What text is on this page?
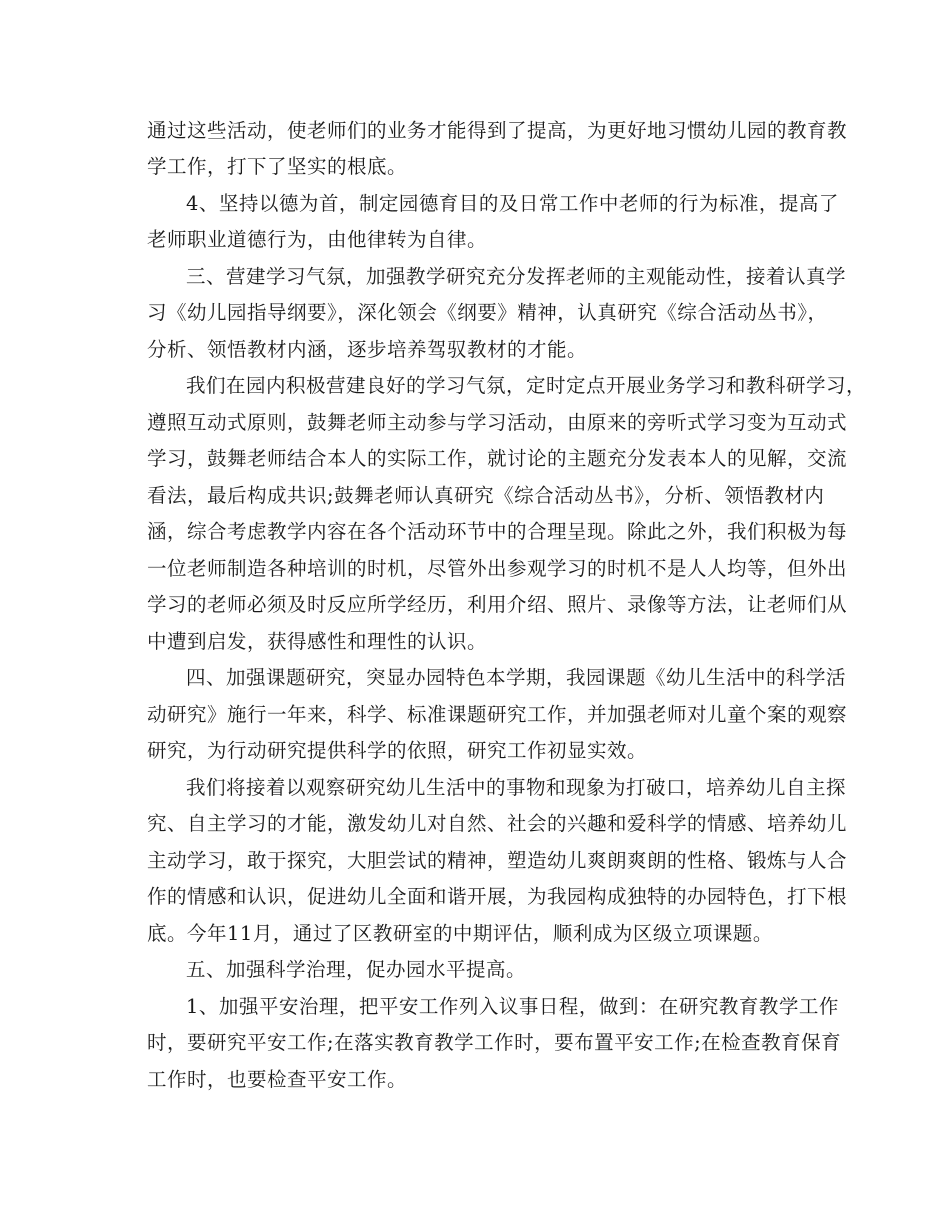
通过这些活动，使老师们的业务才能得到了提高，为更好地习惯幼儿园的教育教
学工作，打下了坚实的根底。
4、坚持以德为首，制定园德育目的及日常工作中老师的行为标准，提高了
老师职业道德行为，由他律转为自律。
三、营建学习气氛，加强教学研究充分发挥老师的主观能动性，接着认真学
习《幼儿园指导纲要》，深化领会《纲要》精神，认真研究《综合活动丛书》，
分析、领悟教材内涵，逐步培养驾驭教材的才能。
我们在园内积极营建良好的学习气氛，定时定点开展业务学习和教科研学习，
遵照互动式原则，鼓舞老师主动参与学习活动，由原来的旁听式学习变为互动式
学习，鼓舞老师结合本人的实际工作，就讨论的主题充分发表本人的见解，交流
看法，最后构成共识;鼓舞老师认真研究《综合活动丛书》，分析、领悟教材内
涵，综合考虑教学内容在各个活动环节中的合理呈现。除此之外，我们积极为每
一位老师制造各种培训的时机，尽管外出参观学习的时机不是人人均等，但外出
学习的老师必须及时反应所学经历，利用介绍、照片、录像等方法，让老师们从
中遭到启发，获得感性和理性的认识。
四、加强课题研究，突显办园特色本学期，我园课题《幼儿生活中的科学活
动研究》施行一年来，科学、标准课题研究工作，并加强老师对儿童个案的观察
研究，为行动研究提供科学的依照，研究工作初显实效。
我们将接着以观察研究幼儿生活中的事物和现象为打破口，培养幼儿自主探
究、自主学习的才能，激发幼儿对自然、社会的兴趣和爱科学的情感、培养幼儿
主动学习，敢于探究，大胆尝试的精神，塑造幼儿爽朗爽朗的性格、锻炼与人合
作的情感和认识，促进幼儿全面和谐开展，为我园构成独特的办园特色，打下根
底。今年11月，通过了区教研室的中期评估，顺利成为区级立项课题。
五、加强科学治理，促办园水平提高。
1、加强平安治理，把平安工作列入议事日程，做到：在研究教育教学工作
时，要研究平安工作;在落实教育教学工作时，要布置平安工作;在检查教育保育
工作时，也要检查平安工作。
